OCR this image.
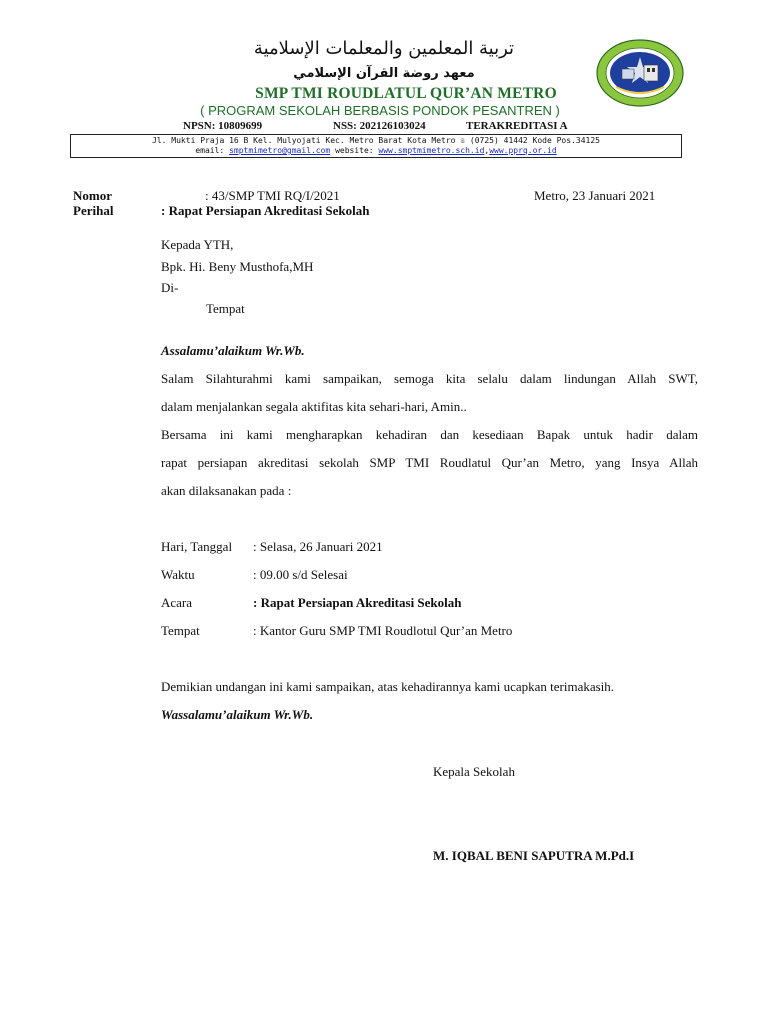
تربية المعلمين والمعلمات الإسلامية
معهد روضة القرآن الإسلامي
SMP TMI ROUDLATUL QUR’AN METRO
( PROGRAM SEKOLAH BERBASIS PONDOK PESANTREN )
NPSN: 10809699	NSS: 202126103024	TERAKREDITASI A
Jl. Mukti Praja 16 B Kel. Mulyojati Kec. Metro Barat Kota Metro ☏ (0725) 41442 Kode Pos.34125
email: smptmimetro@gmail.com website: www.smptmimetro.sch.id,www.pprq.or.id
Nomor	: 43/SMP TMI RQ/I/2021	Metro, 23 Januari 2021
Perihal	: Rapat Persiapan Akreditasi Sekolah
Kepada YTH,
Bpk. Hi. Beny Musthofa,MH
Di-
Tempat
Assalamu’alaikum Wr.Wb.
Salam Silahturahmi kami sampaikan, semoga kita selalu dalam lindungan Allah SWT,
dalam menjalankan segala aktifitas kita sehari-hari, Amin..
Bersama ini kami mengharapkan kehadiran dan kesediaan Bapak untuk hadir dalam
rapat persiapan akreditasi sekolah SMP TMI Roudlatul Qur’an Metro, yang Insya Allah
akan dilaksanakan pada :
Hari, Tanggal : Selasa, 26 Januari 2021
Waktu	: 09.00 s/d Selesai
Acara	: Rapat Persiapan Akreditasi Sekolah
Tempat	: Kantor Guru SMP TMI Roudlotul Qur’an Metro
Demikian undangan ini kami sampaikan, atas kehadirannya kami ucapkan terimakasih.
Wassalamu’alaikum Wr.Wb.
Kepala Sekolah
M. IQBAL BENI SAPUTRA M.Pd.I
